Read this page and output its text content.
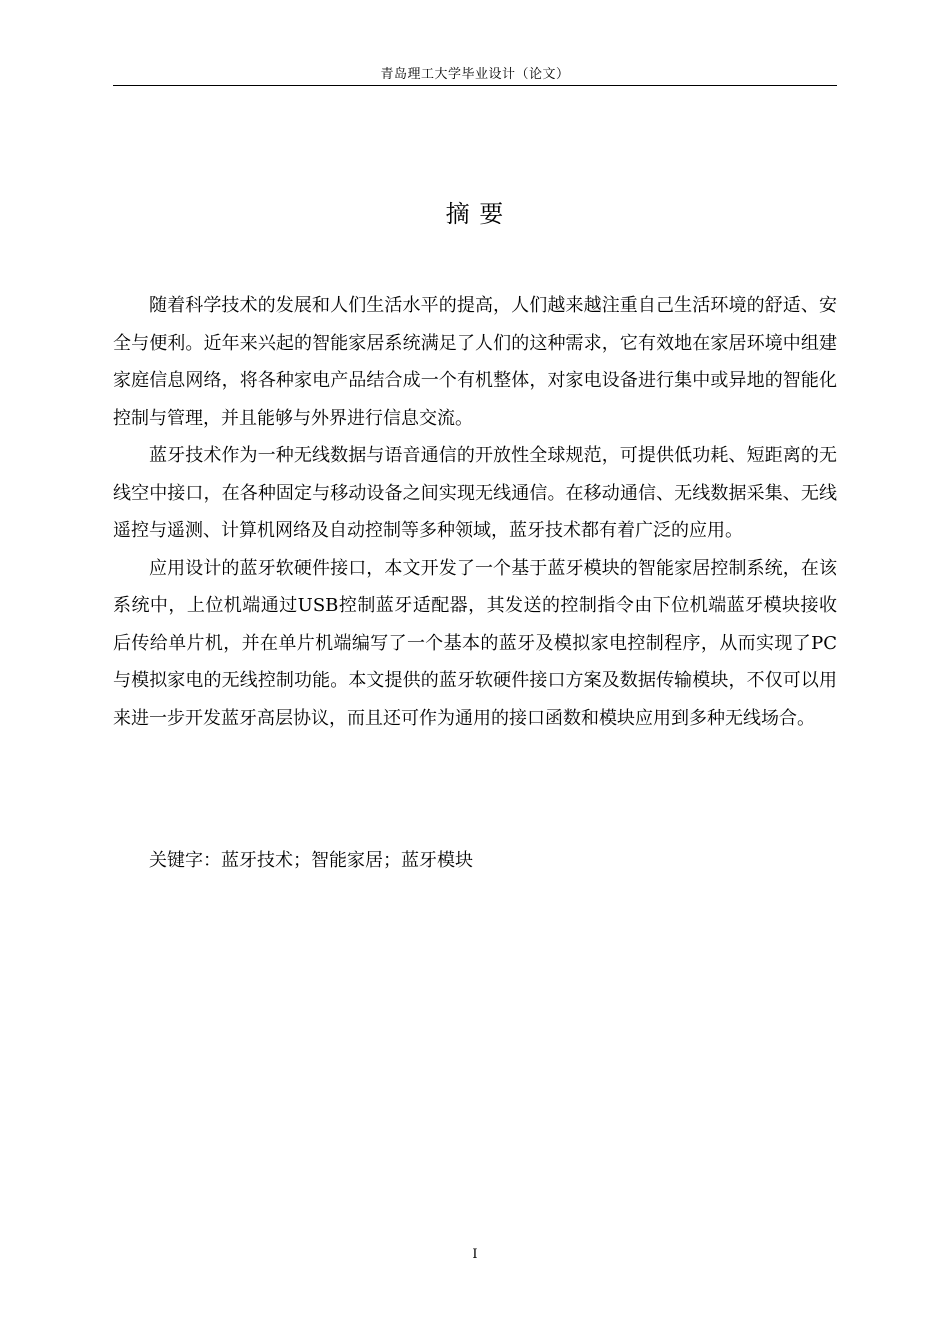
青岛理工大学毕业设计（论文）
摘 要

随着科学技术的发展和人们生活水平的提高，人们越来越注重自己生活环境的舒适、安全与便利。近年来兴起的智能家居系统满足了人们的这种需求，它有效地在家居环境中组建家庭信息网络，将各种家电产品结合成一个有机整体，对家电设备进行集中或异地的智能化控制与管理，并且能够与外界进行信息交流。

蓝牙技术作为一种无线数据与语音通信的开放性全球规范，可提供低功耗、短距离的无线空中接口，在各种固定与移动设备之间实现无线通信。在移动通信、无线数据采集、无线遥控与遥测、计算机网络及自动控制等多种领域，蓝牙技术都有着广泛的应用。

应用设计的蓝牙软硬件接口，本文开发了一个基于蓝牙模块的智能家居控制系统，在该系统中，上位机端通过USB控制蓝牙适配器，其发送的控制指令由下位机端蓝牙模块接收后传给单片机，并在单片机端编写了一个基本的蓝牙及模拟家电控制程序，从而实现了PC与模拟家电的无线控制功能。本文提供的蓝牙软硬件接口方案及数据传输模块，不仅可以用来进一步开发蓝牙高层协议，而且还可作为通用的接口函数和模块应用到多种无线场合。

关键字：蓝牙技术；智能家居；蓝牙模块
I
